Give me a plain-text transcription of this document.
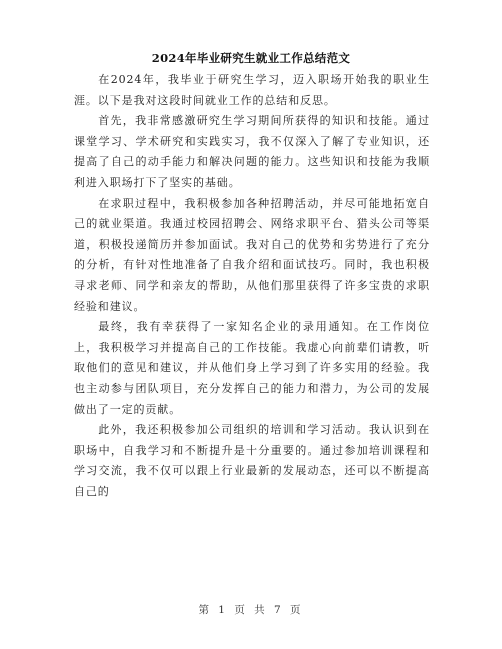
2024年毕业研究生就业工作总结范文

在2024年，我毕业于研究生学习，迈入职场开始我的职业生涯。以下是我对这段时间就业工作的总结和反思。

首先，我非常感激研究生学习期间所获得的知识和技能。通过课堂学习、学术研究和实践实习，我不仅深入了解了专业知识，还提高了自己的动手能力和解决问题的能力。这些知识和技能为我顺利进入职场打下了坚实的基础。

在求职过程中，我积极参加各种招聘活动，并尽可能地拓宽自己的就业渠道。我通过校园招聘会、网络求职平台、猎头公司等渠道，积极投递简历并参加面试。我对自己的优势和劣势进行了充分的分析，有针对性地准备了自我介绍和面试技巧。同时，我也积极寻求老师、同学和亲友的帮助，从他们那里获得了许多宝贵的求职经验和建议。

最终，我有幸获得了一家知名企业的录用通知。在工作岗位上，我积极学习并提高自己的工作技能。我虚心向前辈们请教，听取他们的意见和建议，并从他们身上学习到了许多实用的经验。我也主动参与团队项目，充分发挥自己的能力和潜力，为公司的发展做出了一定的贡献。

此外，我还积极参加公司组织的培训和学习活动。我认识到在职场中，自我学习和不断提升是十分重要的。通过参加培训课程和学习交流，我不仅可以跟上行业最新的发展动态，还可以不断提高自己的

第 1 页 共 7 页
